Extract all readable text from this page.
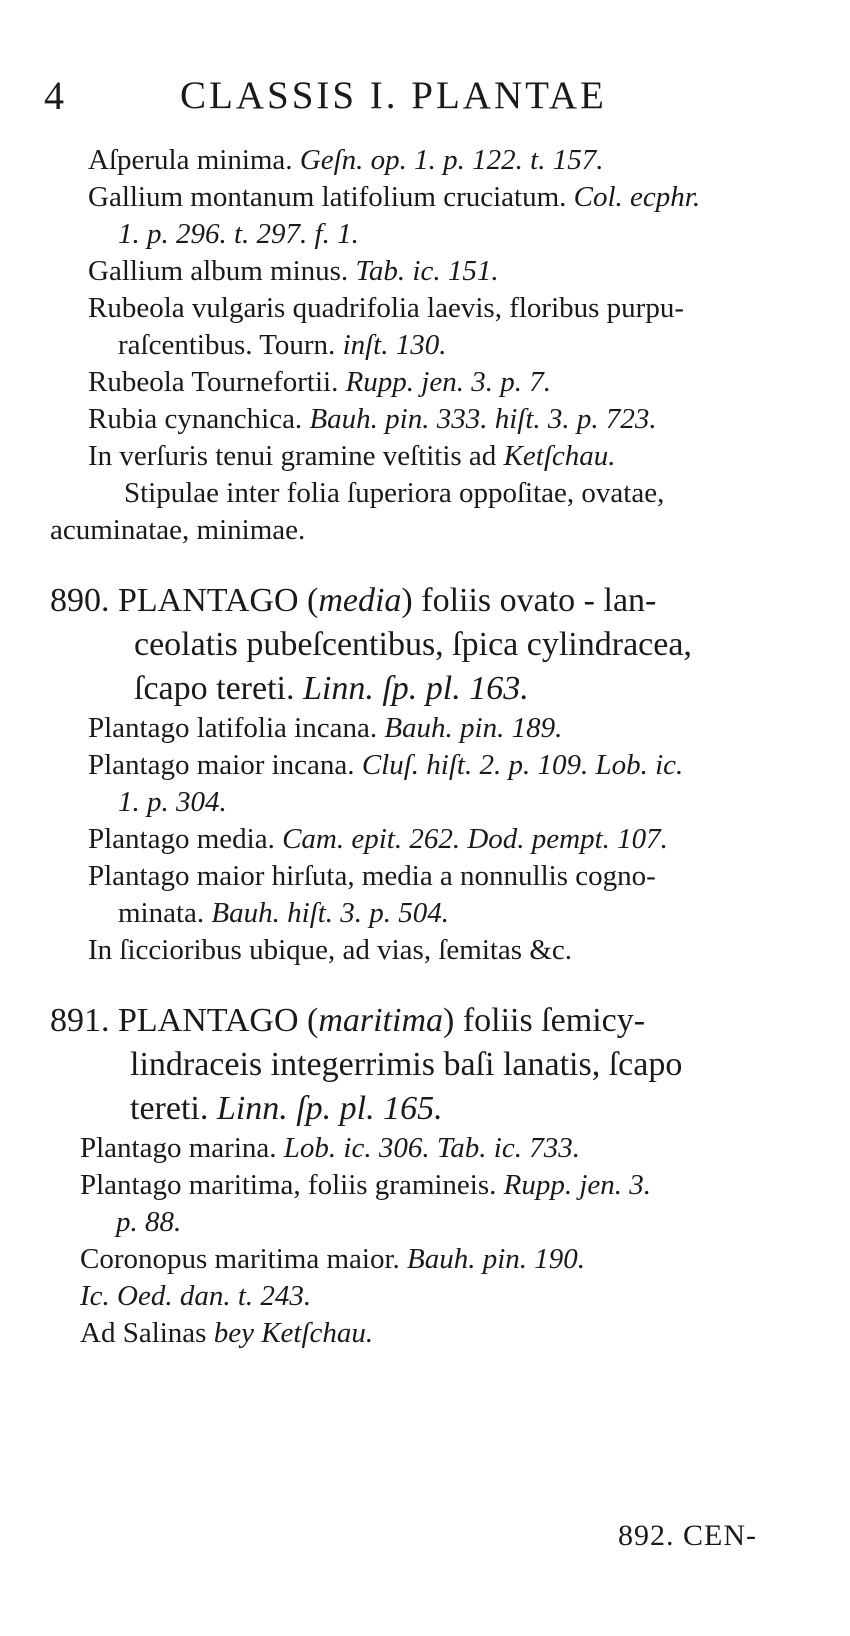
4	CLASSIS I. PLANTAE
Aſperula minima. Geſn. op. 1. p. 122. t. 157.
Gallium montanum latifolium cruciatum. Col. ecphr.
1. p. 296. t. 297. f. 1.
Gallium album minus. Tab. ic. 151.
Rubeola vulgaris quadrifolia laevis, floribus purpu-
raſcentibus. Tourn. inſt. 130.
Rubeola Tournefortii. Rupp. jen. 3. p. 7.
Rubia cynanchica. Bauh. pin. 333. hiſt. 3. p. 723.
In verſuris tenui gramine veſtitis ad Ketſchau.
Stipulae inter folia ſuperiora oppoſitae, ovatae,
acuminatae, minimae.
890. PLANTAGO (media) foliis ovato - lan-
ceolatis pubeſcentibus, ſpica cylindracea,
ſcapo tereti. Linn. ſp. pl. 163.
Plantago latifolia incana. Bauh. pin. 189.
Plantago maior incana. Cluſ. hiſt. 2. p. 109. Lob. ic.
1. p. 304.
Plantago media. Cam. epit. 262. Dod. pempt. 107.
Plantago maior hirſuta, media a nonnullis cogno-
minata. Bauh. hiſt. 3. p. 504.
In ſiccioribus ubique, ad vias, ſemitas &c.
891. PLANTAGO (maritima) foliis ſemicy-
lindraceis integerrimis baſi lanatis, ſcapo
tereti. Linn. ſp. pl. 165.
Plantago marina. Lob. ic. 306. Tab. ic. 733.
Plantago maritima, foliis gramineis. Rupp. jen. 3.
p. 88.
Coronopus maritima maior. Bauh. pin. 190.
Ic. Oed. dan. t. 243.
Ad Salinas bey Ketſchau.
892. CEN-
